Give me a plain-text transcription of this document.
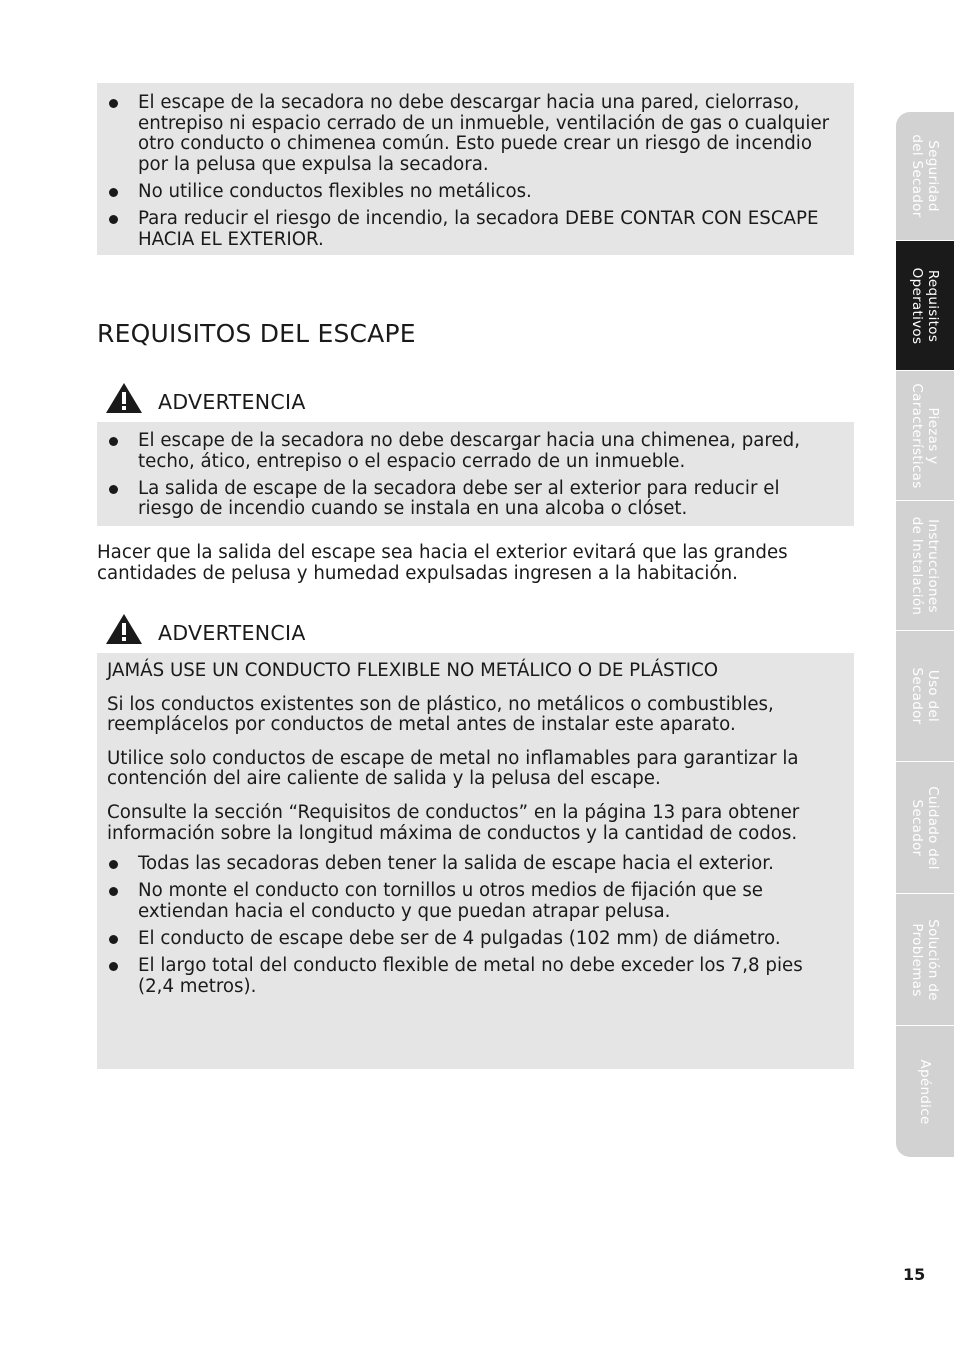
El escape de la secadora no debe descargar hacia una pared, cielorraso, entrepiso ni espacio cerrado de un inmueble, ventilación de gas o cualquier otro conducto o chimenea común. Esto puede crear un riesgo de incendio por la pelusa que expulsa la secadora.
No utilice conductos flexibles no metálicos.
Para reducir el riesgo de incendio, la secadora DEBE CONTAR CON ESCAPE HACIA EL EXTERIOR.
REQUISITOS DEL ESCAPE
ADVERTENCIA
El escape de la secadora no debe descargar hacia una chimenea, pared, techo, ático, entrepiso o el espacio cerrado de un inmueble.
La salida de escape de la secadora debe ser al exterior para reducir el riesgo de incendio cuando se instala en una alcoba o clóset.

Hacer que la salida del escape sea hacia el exterior evitará que las grandes cantidades de pelusa y humedad expulsadas ingresen a la habitación.

ADVERTENCIA

JAMÁS USE UN CONDUCTO FLEXIBLE NO METÁLICO O DE PLÁSTICO

Si los conductos existentes son de plástico, no metálicos o combustibles, reemplácelos por conductos de metal antes de instalar este aparato.

Utilice solo conductos de escape de metal no inflamables para garantizar la contención del aire caliente de salida y la pelusa del escape.

Consulte la sección “Requisitos de conductos” en la página 13 para obtener información sobre la longitud máxima de conductos y la cantidad de codos.

Todas las secadoras deben tener la salida de escape hacia el exterior.
No monte el conducto con tornillos u otros medios de fijación que se extiendan hacia el conducto y que puedan atrapar pelusa.
El conducto de escape debe ser de 4 pulgadas (102 mm) de diámetro.
El largo total del conducto flexible de metal no debe exceder los 7,8 pies (2,4 metros).
Seguridad
del Secador
Requisitos
Operativos
Piezas y
Características
Instrucciones
de Instalación
Uso del
Secador
Cuidado del
Secador
Solución de
Problemas
Apéndice
15
